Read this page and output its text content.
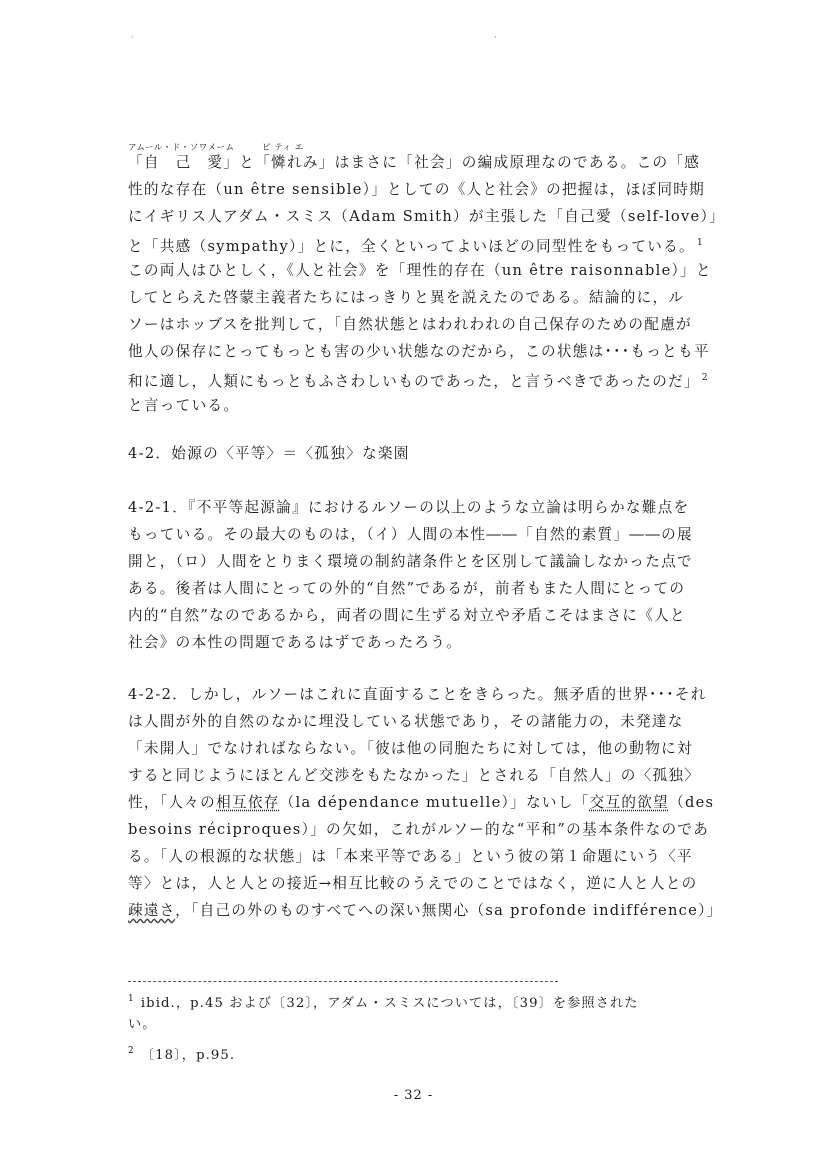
·	·
アムール・ド・ソワメーム	ピ ティ エ
「自　己　愛」と「憐れみ」はまさに「社会」の編成原理なのである。この「感
性的な存在（un être sensible）」としての《人と社会》の把握は，ほぼ同時期
にイギリス人アダム・スミス（Adam Smith）が主張した「自己愛（self-love）」
と「共感（sympathy）」とに，全くといってよいほどの同型性をもっている。 $^1$
この両人はひとしく，《人と社会》を「理性的存在（un être raisonnable）」と
してとらえた啓蒙主義者たちにはっきりと異を説えたのである。結論的に，ル
ソーはホッブスを批判して，「自然状態とはわれわれの自己保存のための配慮が
他人の保存にとってもっとも害の少い状態なのだから，この状態は･･･もっとも平
和に適し，人類にもっともふさわしいものであった，と言うべきであったのだ」 $^2$
と言っている。
4-2．始源の〈平等〉＝〈孤独〉な楽園
4-2-1．『不平等起源論』におけるルソーの以上のような立論は明らかな難点を
もっている。その最大のものは，（イ）人間の本性――「自然的素質」――の展
開と，（ロ）人間をとりまく環境の制約諸条件とを区別して議論しなかった点で
ある。後者は人間にとっての外的“自然”であるが，前者もまた人間にとっての
内的“自然”なのであるから，両者の間に生ずる対立や矛盾こそはまさに《人と
社会》の本性の問題であるはずであったろう。
4-2-2．しかし，ルソーはこれに直面することをきらった。無矛盾的世界･･･それ
は人間が外的自然のなかに埋没している状態であり，その諸能力の，未発達な
「未開人」でなければならない。「彼は他の同胞たちに対しては，他の動物に対
すると同じようにほとんど交渉をもたなかった」とされる「自然人」の〈孤独〉
性，「人々の相互依存（la dépendance mutuelle）」ないし「交互的欲望（des
besoins réciproques）」の欠如，これがルソー的な“平和”の基本条件なのであ
る。「人の根源的な状態」は「本来平等である」という彼の第１命題にいう〈平
等〉とは，人と人との接近→相互比較のうえでのことではなく，逆に人と人との
疎遠さ，「自己の外のものすべてへの深い無関心（sa profonde indifférence）」
$^1$ ibid.，p.45 および〔32〕，アダム・スミスについては，〔39〕を参照された
い。
$^2$ 〔18〕，p.95.
- 32 -
